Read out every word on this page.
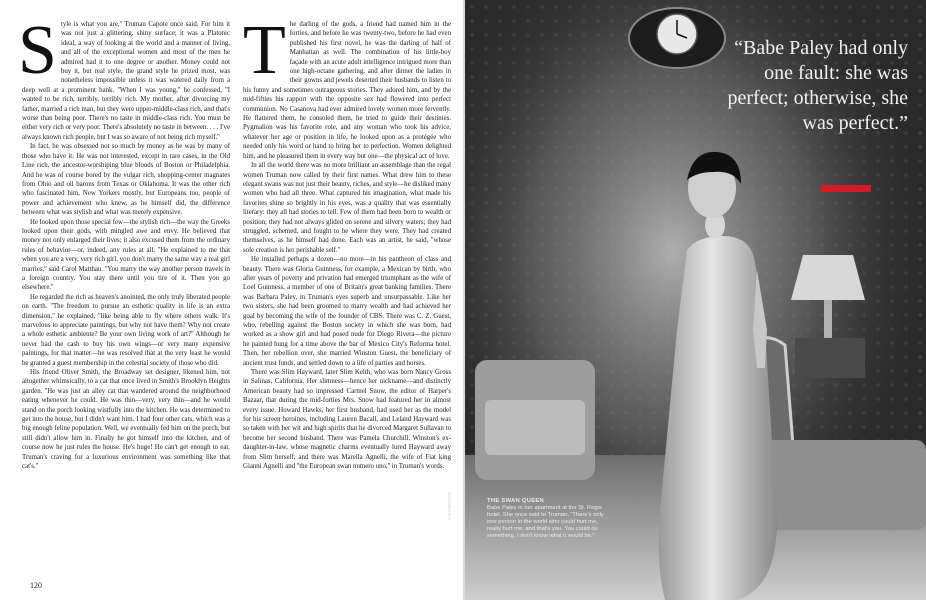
Style is what you are,'' Truman Capote once said. For him it was not just a glittering, shiny surface; it was a Platonic ideal, a way of looking at the world and a manner of living, and all of the exceptional women and most of the men he admired had it to one degree or another. Money could not buy it, but real style, the grand style he prized most, was nonetheless impossible unless it was watered daily from a deep well at a prominent bank. ''When I was young,'' he confessed, ''I wanted to be rich, terribly, terribly rich. My mother, after divorcing my father, married a rich man, but they were upper-middle-class rich, and that's worse than being poor. There's no taste in middle-class rich. You must be either very rich or very poor. There's absolutely no taste in between. . . . I've always known rich people, but I was so aware of not being rich myself.''

In fact, he was obsessed not so much by money as he was by many of those who have it. He was not interested, except in rare cases, in the Old Line rich, the ancestor-worshiping blue bloods of Boston or Philadelphia. And he was of course bored by the vulgar rich, shopping-center magnates from Ohio and oil barons from Texas or Oklahoma. It was the other rich who fascinated him, New Yorkers mostly, but Europeans too, people of power and achievement who knew, as he himself did, the difference between what was stylish and what was merely expensive.

He looked upon those special few—the stylish rich—the way the Greeks looked upon their gods, with mingled awe and envy. He believed that money not only enlarged their lives; it also excused them from the ordinary rules of behavior—or, indeed, any rules at all. ''He explained to me that when you are a very, very rich girl, you don't marry the same way a real girl marries,'' said Carol Matthau. ''You marry the way another person travels in a foreign country. You stay there until you tire of it. Then you go elsewhere.''

He regarded the rich as heaven's anointed, the only truly liberated people on earth. ''The freedom to pursue an esthetic quality in life is an extra dimension,'' he explained, ''like being able to fly where others walk. It's marvelous to appreciate paintings, but why not have them? Why not create a whole esthetic ambiente? Be your own living work of art?'' Although he never had the cash to buy his own wings—or very many expensive paintings, for that matter—he was resolved that at the very least he would be granted a guest membership in the celestial society of those who did.

His friend Oliver Smith, the Broadway set designer, likened him, not altogether whimsically, to a cat that once lived in Smith's Brooklyn Heights garden. ''He was just an alley cat that wandered around the neighborhood eating whenever he could. He was thin—very, very thin—and he would stand on the porch looking wistfully into the kitchen. He was determined to get into the house, but I didn't want him. I had four other cats, which was a big enough feline population. Well, we eventually fed him on the porch, but still didn't allow him in. Finally he got himself into the kitchen, and of course now he just rules the house. He's huge! He can't get enough to eat. Truman's craving for a luxurious environment was something like that cat's.''

The darling of the gods, a friend had named him in the forties, and before he was twenty-two, before he had even published his first novel, he was the darling of half of Manhattan as well. The combination of his little-boy façade with an acute adult intelligence intrigued more than one high-octane gathering, and after dinner the ladies in their gowns and jewels deserted their husbands to listen to his funny and sometimes outrageous stories. They adored him, and by the mid-fifties his rapport with the opposite sex had flowered into perfect communion. No Casanova had ever admired lovely women more fervently. He flattered them, he consoled them, he tried to guide their destinies. Pygmalion was his favorite role, and any woman who took his advice, whatever her age or position in life, he looked upon as a protégée who needed only his word or hand to bring her to perfection. Women delighted him, and he pleasured them in every way but one—the physical act of love.

In all the world there was no more brilliant an assemblage than the regal women Truman now called by their first names. What drew him to these elegant swans was not just their beauty, riches, and style—he disliked many women who had all three. What captured his imagination, what made his favorites shine so brightly in his eyes, was a quality that was essentially literary: they all had stories to tell. Few of them had been born to wealth or position; they had not always glided on serene and silvery waters; they had struggled, schemed, and fought to be where they were. They had created themselves, as he himself had done. Each was an artist, he said, ''whose sole creation is her perishable self.''

He installed perhaps a dozen—no more—in his pantheon of class and beauty. There was Gloria Guinness, for example, a Mexican by birth, who after years of poverty and privation had emerged triumphant as the wife of Loel Guinness, a member of one of Britain's great banking families. There was Barbara Paley, in Truman's eyes superb and unsurpassable. Like her two sisters, she had been groomed to marry wealth and had achieved her goal by becoming the wife of the founder of CBS. There was C. Z. Guest, who, rebelling against the Boston society in which she was born, had worked as a show girl and had posed nude for Diego Rivera—the picture he painted hung for a time above the bar of Mexico City's Reforma hotel. Then, her rebellion over, she married Winston Guest, the beneficiary of ancient trust funds, and settled down to a life of parties and horses.

There was Slim Hayward, later Slim Keith, who was born Nancy Gross in Salinas, California. Her slimness—hence her nickname—and distinctly American beauty had so impressed Carmel Snow, the editor of Harper's Bazaar, that during the mid-forties Mrs. Snow had featured her in almost every issue. Howard Hawks, her first husband, had used her as the model for his screen heroines, including Lauren Bacall, and Leland Hayward was so taken with her wit and high spirits that he divorced Margaret Sullavan to become her second husband. There was Pamela Churchill, Winston's ex-daughter-in-law, whose magnetic charms eventually lured Hayward away from Slim herself; and there was Marella Agnelli, the wife of Fiat king Gianni Agnelli and ''the European swan numero uno,'' in Truman's words.

120
“Babe Paley had only one fault: she was perfect; otherwise, she was perfect.”
THE SWAN QUEEN
Babe Paley in her apartment at the St. Regis hotel. She once said to Truman, “There's only one person in the world who could hurt me, really hurt me, and that's you. You could do something, I don't know what it would be.”
SNOWDON
